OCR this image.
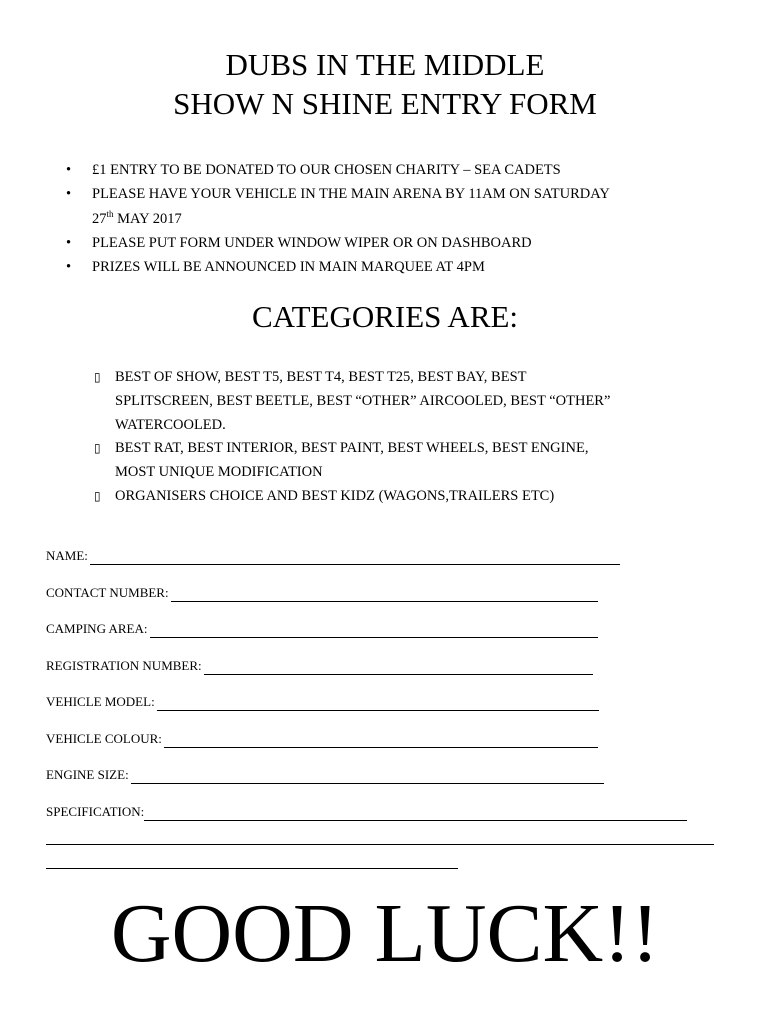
DUBS IN THE MIDDLE
SHOW N SHINE ENTRY FORM
• £1 ENTRY TO BE DONATED TO OUR CHOSEN CHARITY – SEA CADETS
• PLEASE HAVE YOUR VEHICLE IN THE MAIN ARENA BY 11AM ON SATURDAY
27th MAY 2017
• PLEASE PUT FORM UNDER WINDOW WIPER OR ON DASHBOARD
• PRIZES WILL BE ANNOUNCED IN MAIN MARQUEE AT 4PM
CATEGORIES ARE:
▯ BEST OF SHOW, BEST T5, BEST T4, BEST T25, BEST BAY, BEST
SPLITSCREEN, BEST BEETLE, BEST “OTHER” AIRCOOLED, BEST “OTHER”
WATERCOOLED.
▯ BEST RAT, BEST INTERIOR, BEST PAINT, BEST WHEELS, BEST ENGINE,
MOST UNIQUE MODIFICATION
▯ ORGANISERS CHOICE AND BEST KIDZ (WAGONS,TRAILERS ETC)
NAME:
CONTACT NUMBER:
CAMPING AREA:
REGISTRATION NUMBER:
VEHICLE MODEL:
VEHICLE COLOUR:
ENGINE SIZE:
SPECIFICATION:
GOOD LUCK!!
